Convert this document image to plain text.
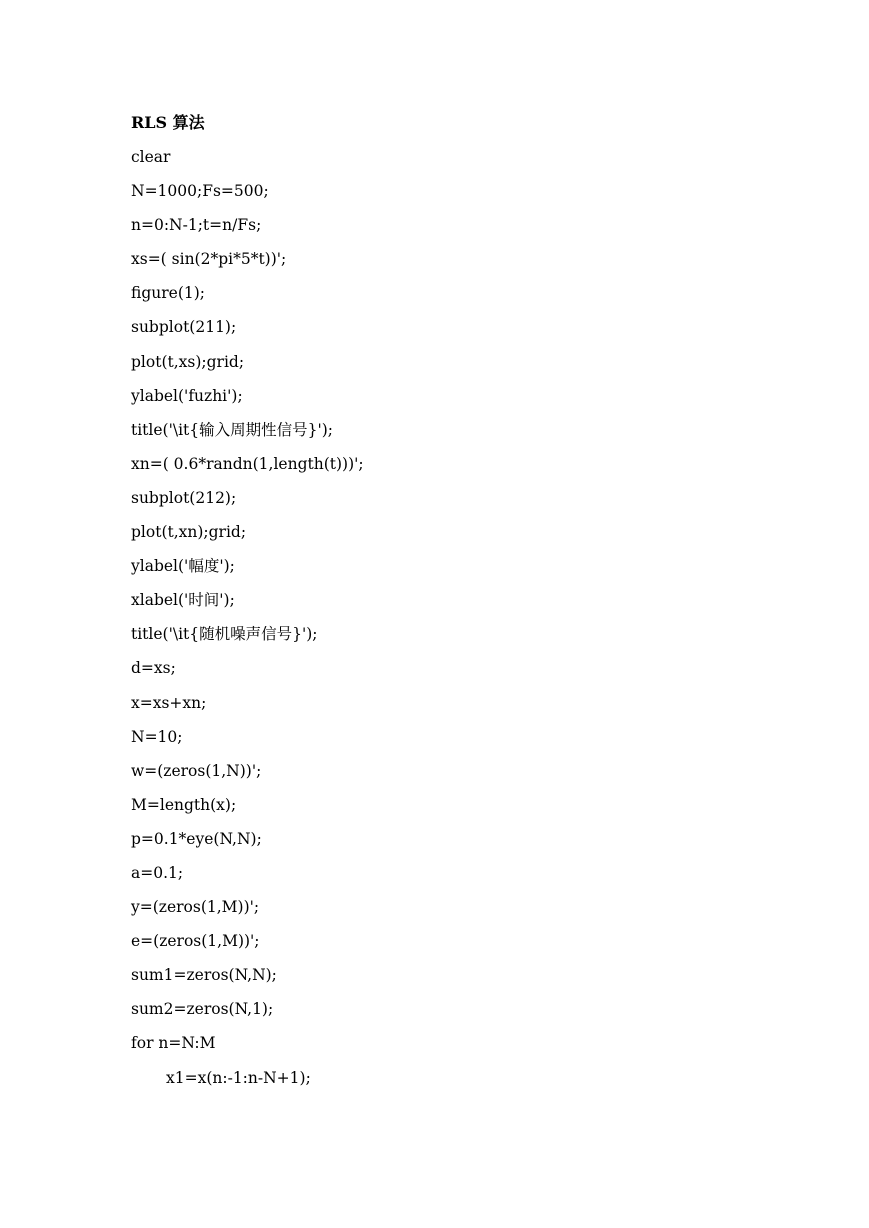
RLS 算法
clear
N=1000;Fs=500;
n=0:N-1;t=n/Fs;
xs=( sin(2*pi*5*t))';
figure(1);
subplot(211);
plot(t,xs);grid;
ylabel('fuzhi');
title('\it{输入周期性信号}');
xn=( 0.6*randn(1,length(t)))';
subplot(212);
plot(t,xn);grid;
ylabel('幅度');
xlabel('时间');
title('\it{随机噪声信号}');
d=xs;
x=xs+xn;
N=10;
w=(zeros(1,N))';
M=length(x);
p=0.1*eye(N,N);
a=0.1;
y=(zeros(1,M))';
e=(zeros(1,M))';
sum1=zeros(N,N);
sum2=zeros(N,1);
for n=N:M
x1=x(n:-1:n-N+1);
